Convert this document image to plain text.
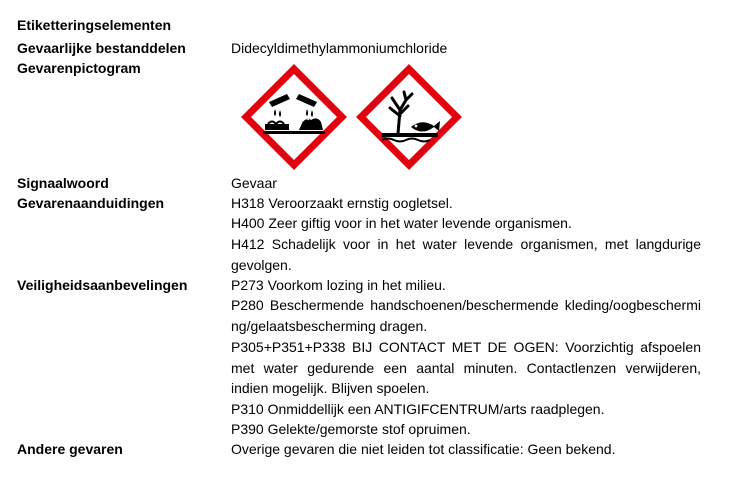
Etiketteringselementen
Gevaarlijke bestanddelen	Didecyldimethylammoniumchloride
Gevarenpictogram
Signaalwoord	Gevaar
Gevarenaanduidingen	H318 Veroorzaakt ernstig oogletsel.
H400 Zeer giftig voor in het water levende organismen.
H412 Schadelijk voor in het water levende organismen, met langdurige gevolgen.
Veiligheidsaanbevelingen	P273 Voorkom lozing in het milieu.
P280 Beschermende handschoenen/beschermende kleding/oogbescherming/gelaatsbescherming dragen.
P305+P351+P338 BIJ CONTACT MET DE OGEN: Voorzichtig afspoelen met water gedurende een aantal minuten. Contactlenzen verwijderen, indien mogelijk. Blijven spoelen.
P310 Onmiddellijk een ANTIGIFCENTRUM/arts raadplegen.
P390 Gelekte/gemorste stof opruimen.
Andere gevaren	Overige gevaren die niet leiden tot classificatie: Geen bekend.
